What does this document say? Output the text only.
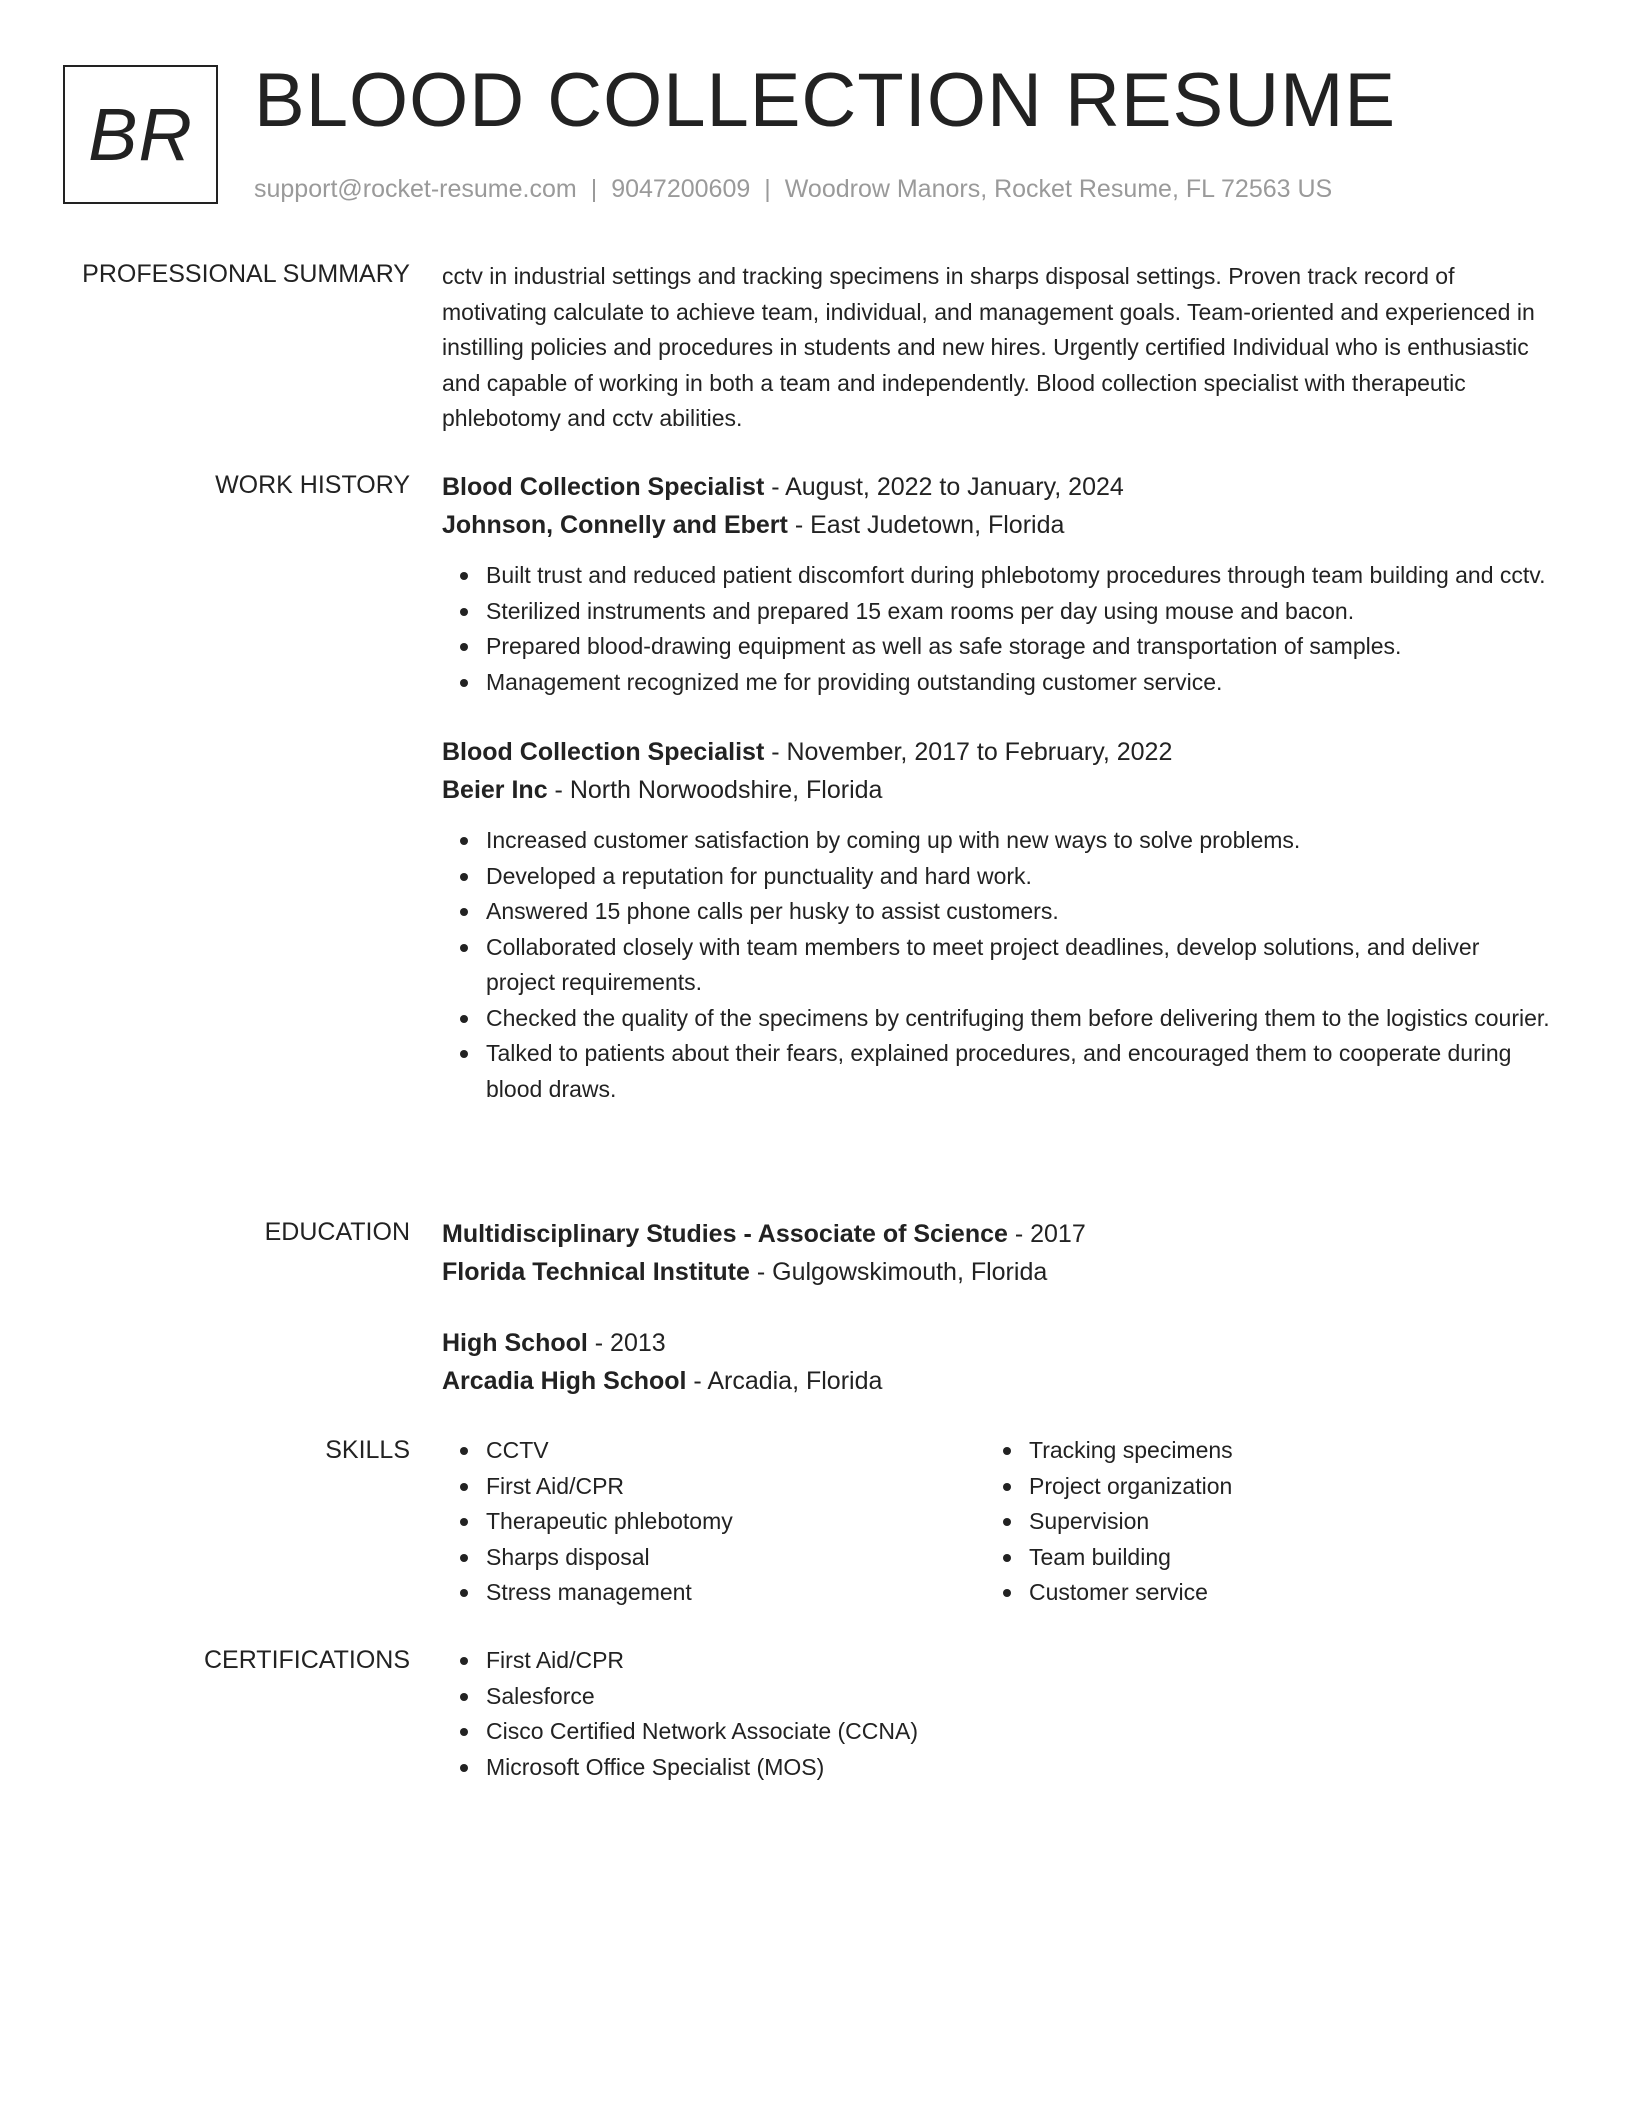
BR BLOOD COLLECTION RESUME
support@rocket-resume.com | 9047200609 | Woodrow Manors, Rocket Resume, FL 72563 US
PROFESSIONAL SUMMARY cctv in industrial settings and tracking specimens in sharps disposal settings. Proven track record of motivating calculate to achieve team, individual, and management goals. Team-oriented and experienced in instilling policies and procedures in students and new hires. Urgently certified Individual who is enthusiastic and capable of working in both a team and independently. Blood collection specialist with therapeutic phlebotomy and cctv abilities.

WORK HISTORY Blood Collection Specialist - August, 2022 to January, 2024
Johnson, Connelly and Ebert - East Judetown, Florida
Built trust and reduced patient discomfort during phlebotomy procedures through team building and cctv.
Sterilized instruments and prepared 15 exam rooms per day using mouse and bacon.
Prepared blood-drawing equipment as well as safe storage and transportation of samples.
Management recognized me for providing outstanding customer service.
Blood Collection Specialist - November, 2017 to February, 2022
Beier Inc - North Norwoodshire, Florida
Increased customer satisfaction by coming up with new ways to solve problems.
Developed a reputation for punctuality and hard work.
Answered 15 phone calls per husky to assist customers.
Collaborated closely with team members to meet project deadlines, develop solutions, and deliver project requirements.
Checked the quality of the specimens by centrifuging them before delivering them to the logistics courier.
Talked to patients about their fears, explained procedures, and encouraged them to cooperate during blood draws.
EDUCATION Multidisciplinary Studies - Associate of Science - 2017
Florida Technical Institute - Gulgowskimouth, Florida
High School - 2013
Arcadia High School - Arcadia, Florida
SKILLS	CCTV
First Aid/CPR
Therapeutic phlebotomy
Sharps disposal
Stress management
Tracking specimens
Project organization
Supervision
Team building
Customer service
CERTIFICATIONS	First Aid/CPR
Salesforce
Cisco Certified Network Associate (CCNA)
Microsoft Office Specialist (MOS)
